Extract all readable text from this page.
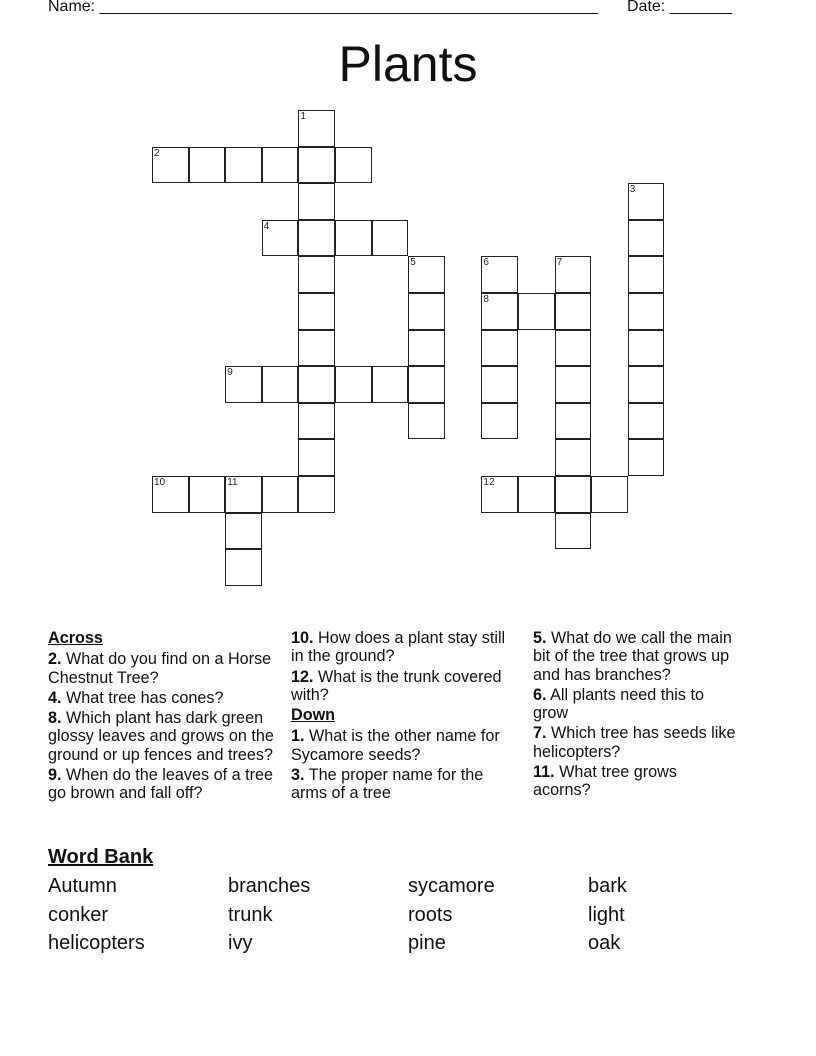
Name: ________________________________________________________ Date: _______
Plants
1
2
3
4
5	6	7
8
9
10	11	12
Across
2. What do you find on a Horse Chestnut Tree?
4. What tree has cones?
8. Which plant has dark green glossy leaves and grows on the ground or up fences and trees?
9. When do the leaves of a tree go brown and fall off?
10. How does a plant stay still in the ground?
12. What is the trunk covered with?
Down
1. What is the other name for Sycamore seeds?
3. The proper name for the arms of a tree
5. What do we call the main bit of the tree that grows up and has branches?
6. All plants need this to grow
7. Which tree has seeds like helicopters?
11. What tree grows acorns?
Word Bank
Autumn
conker
helicopters
branches
trunk
ivy
sycamore
roots
pine
bark
light
oak
